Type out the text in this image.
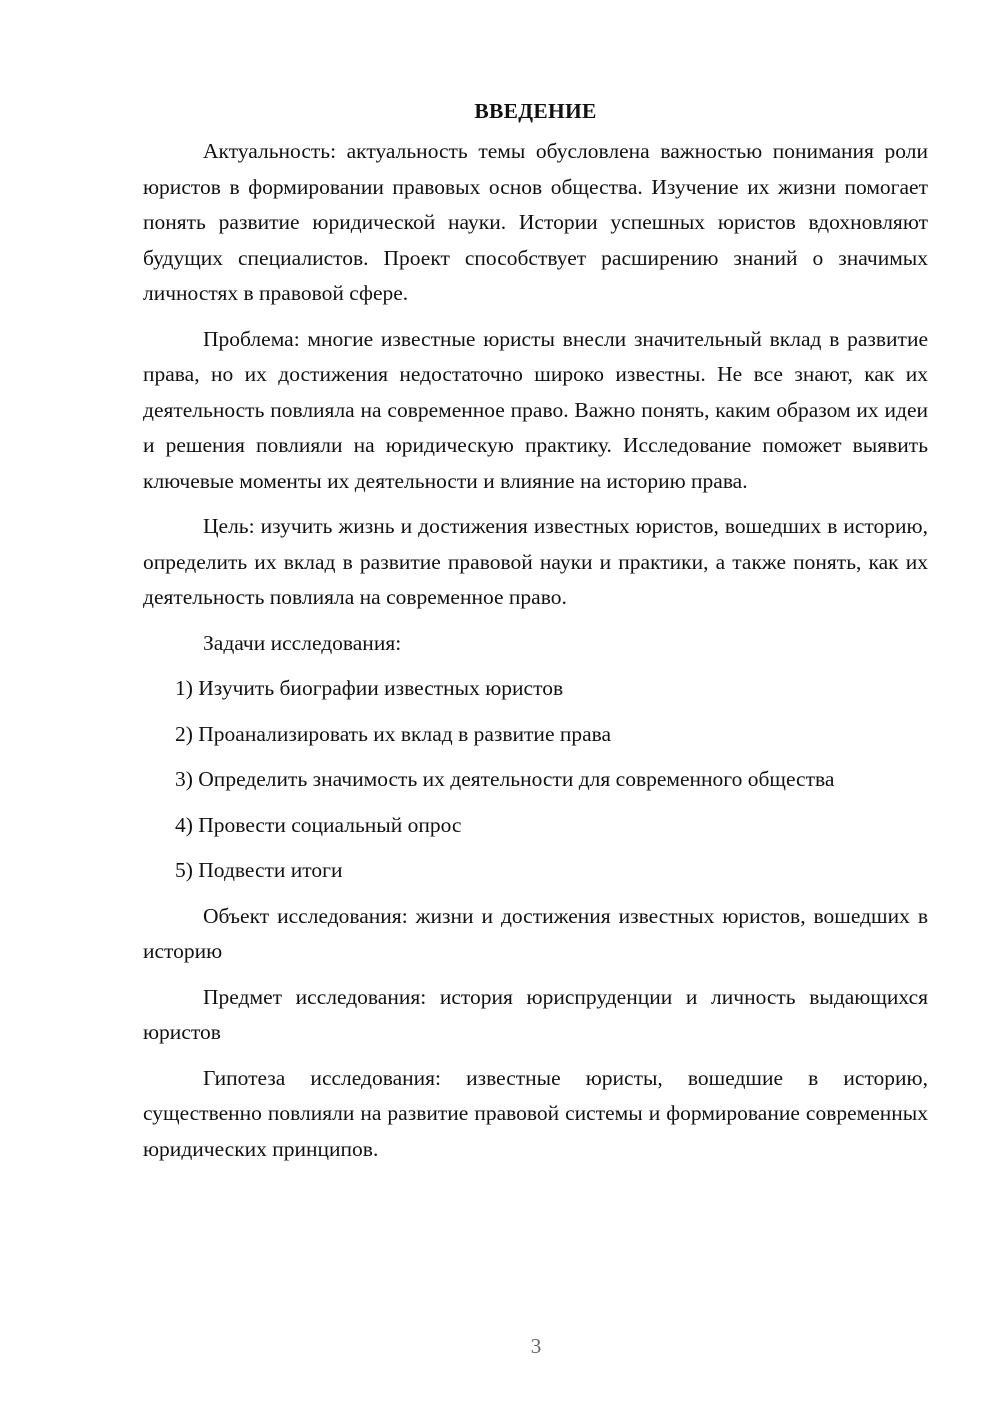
ВВЕДЕНИЕ

Актуальность: актуальность темы обусловлена важностью понимания роли юристов в формировании правовых основ общества. Изучение их жизни помогает понять развитие юридической науки. Истории успешных юристов вдохновляют будущих специалистов. Проект способствует расширению знаний о значимых личностях в правовой сфере.

Проблема: многие известные юристы внесли значительный вклад в развитие права, но их достижения недостаточно широко известны. Не все знают, как их деятельность повлияла на современное право. Важно понять, каким образом их идеи и решения повлияли на юридическую практику. Исследование поможет выявить ключевые моменты их деятельности и влияние на историю права.

Цель: изучить жизнь и достижения известных юристов, вошедших в историю, определить их вклад в развитие правовой науки и практики, а также понять, как их деятельность повлияла на современное право.

Задачи исследования:

1) Изучить биографии известных юристов

2) Проанализировать их вклад в развитие права

3) Определить значимость их деятельности для современного общества

4) Провести социальный опрос

5) Подвести итоги

Объект исследования: жизни и достижения известных юристов, вошедших в историю

Предмет исследования: история юриспруденции и личность выдающихся юристов

Гипотеза исследования: известные юристы, вошедшие в историю, существенно повлияли на развитие правовой системы и формирование современных юридических принципов.

3
